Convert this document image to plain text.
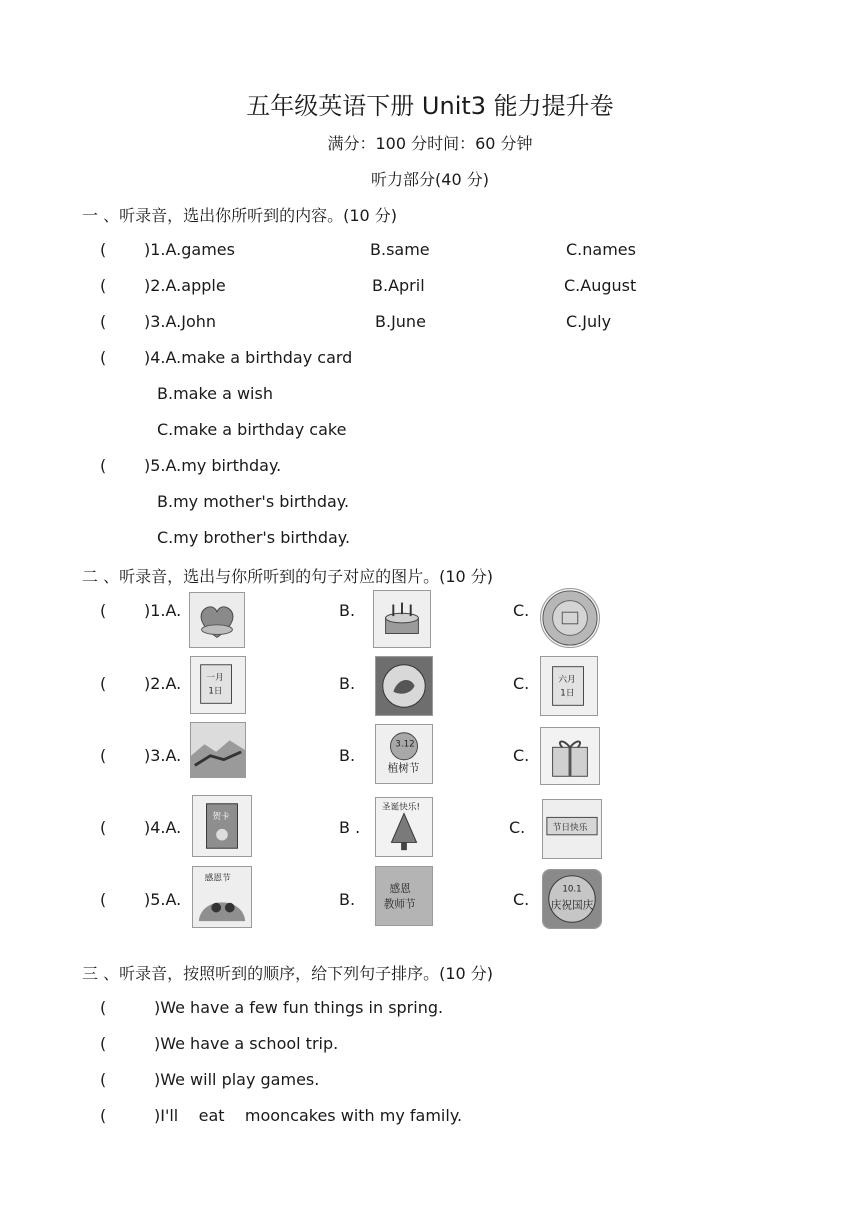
五年级英语下册 Unit3 能力提升卷
满分：100 分时间：60 分钟
听力部分(40 分)
一 、听录音，选出你所听到的内容。(10 分)
( )1.A.games	B.same	C.names
( )2.A.apple	B.April	C.August
( )3.A.John	B.June	C.July
( )4.A.make a birthday card
B.make a wish
C.make a birthday cake
( )5.A.my birthday.
B.my mother's birthday.
C.my brother's birthday.
二 、听录音，选出与你所听到的句子对应的图片。(10 分)
( )1.A.	B.	C.
( )2.A.	B.	C.
一月
1日
六月
1日
( )3.A.	B.	C.
3.12
植树节
( )4.A.	B .	C.
贺卡
圣诞快乐!
节日快乐
( )5.A.	B.	C.
感恩节
感恩
教师节
10.1
庆祝国庆
三 、听录音，按照听到的顺序，给下列句子排序。(10 分)
(	)We have a few fun things in spring.
(	)We have a school trip.
(	)We will play games.
(	)I'll    eat    mooncakes with my family.
